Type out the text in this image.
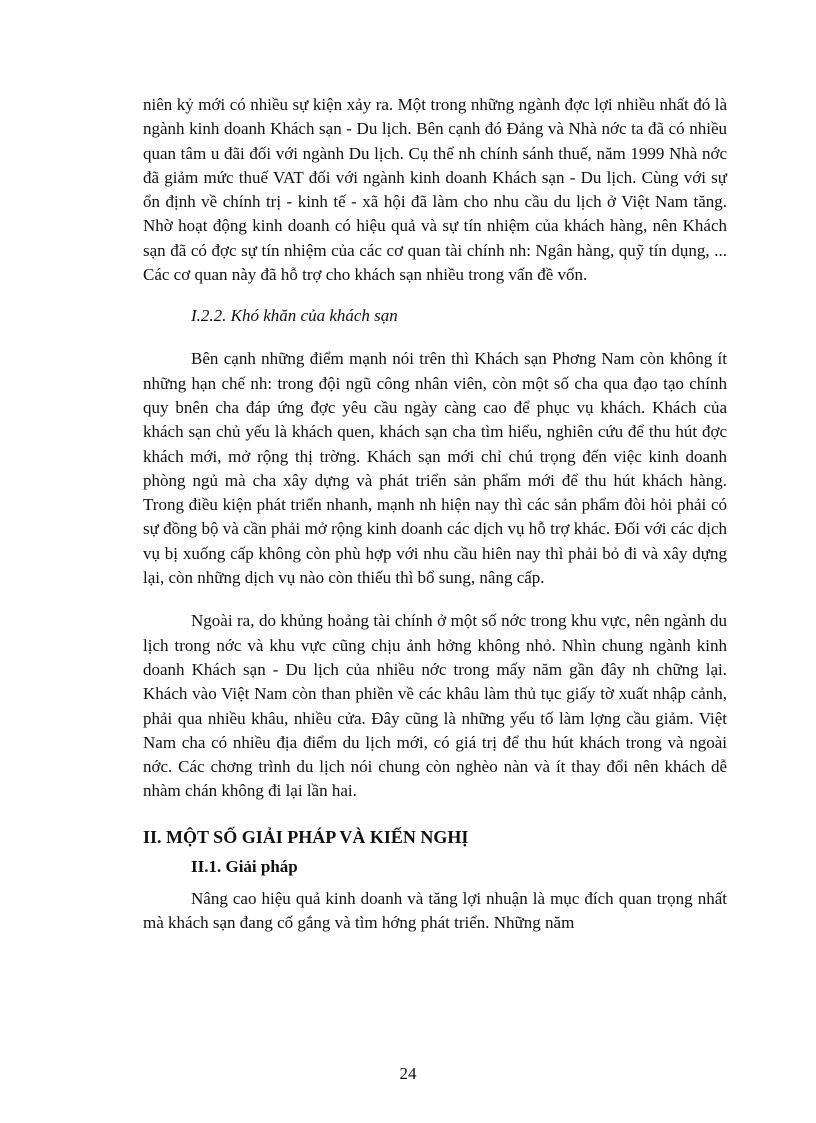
niên kỷ mới có nhiều sự kiện xảy ra. Một trong những ngành đợc lợi nhiều nhất đó là ngành kinh doanh Khách sạn - Du lịch. Bên cạnh đó Đảng và Nhà nớc ta đã có nhiều quan tâm u đãi đối với ngành Du lịch. Cụ thể nh chính sánh thuế, năm 1999 Nhà nớc đã giảm mức thuế VAT đối với ngành kinh doanh Khách sạn - Du lịch. Cùng với sự ổn định về chính trị - kinh tế - xã hội đã làm cho nhu cầu du lịch ở Việt Nam tăng. Nhờ hoạt động kinh doanh có hiệu quả và sự tín nhiệm của khách hàng, nên Khách sạn đã có đợc sự tín nhiệm của các cơ quan tài chính nh: Ngân hàng, quỹ tín dụng, ... Các cơ quan này đã hỗ trợ cho khách sạn nhiều trong vấn đề vốn.

I.2.2. Khó khăn của khách sạn

Bên cạnh những điểm mạnh nói trên thì Khách sạn Phơng Nam còn không ít những hạn chế nh: trong đội ngũ công nhân viên, còn một số cha qua đạo tạo chính quy bnên cha đáp ứng đợc yêu cầu ngày càng cao để phục vụ khách. Khách của khách sạn chủ yếu là khách quen, khách sạn cha tìm hiểu, nghiên cứu để thu hút đợc khách mới, mở rộng thị trờng. Khách sạn mới chỉ chú trọng đến việc kinh doanh phòng ngủ mà cha xây dựng và phát triển sản phẩm mới để thu hút khách hàng. Trong điều kiện phát triển nhanh, mạnh nh hiện nay thì các sản phẩm đòi hỏi phải có sự đồng bộ và cần phải mở rộng kinh doanh các dịch vụ hỗ trợ khác. Đối với các dịch vụ bị xuống cấp không còn phù hợp với nhu cầu hiên nay thì phải bỏ đi và xây dựng lại, còn những dịch vụ nào còn thiếu thì bổ sung, nâng cấp.

Ngoài ra, do khủng hoảng tài chính ở một số nớc trong khu vực, nên ngành du lịch trong nớc và khu vực cũng chịu ảnh hởng không nhỏ. Nhìn chung ngành kinh doanh Khách sạn - Du lịch của nhiều nớc trong mấy năm gần đây nh chững lại. Khách vào Việt Nam còn than phiền về các khâu làm thủ tục giấy tờ xuất nhập cảnh, phải qua nhiều khâu, nhiều cửa. Đây cũng là những yếu tố làm lợng cầu giảm. Việt Nam cha có nhiều địa điểm du lịch mới, có giá trị để thu hút khách trong và ngoài nớc. Các chơng trình du lịch nói chung còn nghèo nàn và ít thay đổi nên khách dễ nhàm chán không đi lại lần hai.

II. MỘT SỐ GIẢI PHÁP VÀ KIẾN NGHỊ

II.1. Giải pháp

Nâng cao hiệu quả kinh doanh và tăng lợi nhuận là mục đích quan trọng nhất mà khách sạn đang cố gắng và tìm hớng phát triển. Những năm

24
